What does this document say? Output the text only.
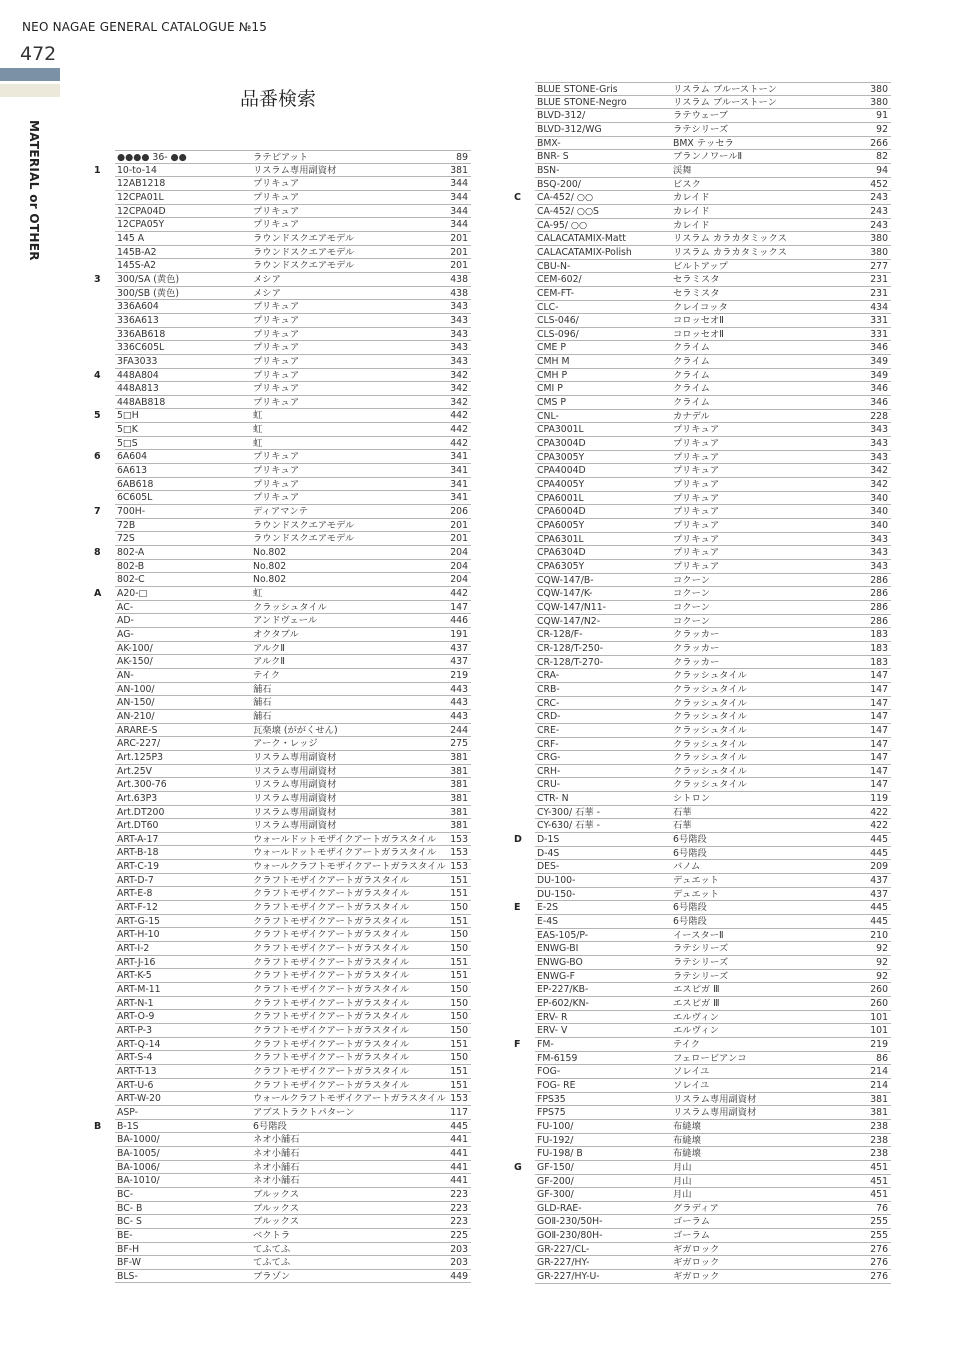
NEO NAGAE GENERAL CATALOGUE №15
472
MATERIAL or OTHER
品番検索
●●●● 36- ●●	ラテピアット	89
1 10-to-14	リスラム専用副資材	381
12AB1218	プリキュア	344
12CPA01L	プリキュア	344
12CPA04D	プリキュア	344
12CPA05Y	プリキュア	344
145 A	ラウンドスクエアモデル	201
145B-A2	ラウンドスクエアモデル	201
145S-A2	ラウンドスクエアモデル	201
3 300/SA (黄色)	メシア	438
300/SB (黄色)	メシア	438
336A604	プリキュア	343
336A613	プリキュア	343
336AB618	プリキュア	343
336C605L	プリキュア	343
3FA3033	プリキュア	343
4 448A804	プリキュア	342
448A813	プリキュア	342
448AB818	プリキュア	342
5 5□H	虹	442
5□K	虹	442
5□S	虹	442
6 6A604	プリキュア	341
6A613	プリキュア	341
6AB618	プリキュア	341
6C605L	プリキュア	341
7 700H-	ディアマンテ	206
72B	ラウンドスクエアモデル	201
72S	ラウンドスクエアモデル	201
8 802-A	No.802	204
802-B	No.802	204
802-C	No.802	204
A A20-□	虹	442
AC-	クラッシュタイル	147
AD-	アンドヴェール	446
AG-	オクタブル	191
AK-100/	アルクⅡ	437
AK-150/	アルクⅡ	437
AN-	テイク	219
AN-100/	舗石	443
AN-150/	舗石	443
AN-210/	舗石	443
ARARE-S	瓦楽壊 (ががくせん)	244
ARC-227/	アーク・レッジ	275
Art.125P3	リスラム専用副資材	381
Art.25V	リスラム専用副資材	381
Art.300-76	リスラム専用副資材	381
Art.63P3	リスラム専用副資材	381
Art.DT200	リスラム専用副資材	381
Art.DT60	リスラム専用副資材	381
ART-A-17	ウォールドットモザイクアートガラスタイル 153
ART-B-18	ウォールドットモザイクアートガラスタイル 153
ART-C-19	ウォールクラフトモザイクアートガラスタイル 153
ART-D-7	クラフトモザイクアートガラスタイル	151
ART-E-8	クラフトモザイクアートガラスタイル	151
ART-F-12	クラフトモザイクアートガラスタイル	150
ART-G-15	クラフトモザイクアートガラスタイル	151
ART-H-10	クラフトモザイクアートガラスタイル	150
ART-I-2	クラフトモザイクアートガラスタイル	150
ART-J-16	クラフトモザイクアートガラスタイル	151
ART-K-5	クラフトモザイクアートガラスタイル	151
ART-M-11	クラフトモザイクアートガラスタイル	150
ART-N-1	クラフトモザイクアートガラスタイル	150
ART-O-9	クラフトモザイクアートガラスタイル	150
ART-P-3	クラフトモザイクアートガラスタイル	150
ART-Q-14	クラフトモザイクアートガラスタイル	151
ART-S-4	クラフトモザイクアートガラスタイル	150
ART-T-13	クラフトモザイクアートガラスタイル	151
ART-U-6	クラフトモザイクアートガラスタイル	151
ART-W-20	ウォールクラフトモザイクアートガラスタイル 153
ASP-	アブストラクトパターン	117
B B-1S	6号階段	445
BA-1000/	ネオ小舗石	441
BA-1005/	ネオ小舗石	441
BA-1006/	ネオ小舗石	441
BA-1010/	ネオ小舗石	441
BC-	ブルックス	223
BC- B	ブルックス	223
BC- S	ブルックス	223
BE-	ベクトラ	225
BF-H	てふてふ	203
BF-W	てふてふ	203
BLS-	ブラゾン	449
BLUE STONE-Gris	リスラム ブルーストーン	380
BLUE STONE-Negro	リスラム ブルーストーン	380
BLVD-312/	ラテウェーブ	91
BLVD-312/WG	ラテシリーズ	92
BMX-	BMX テッセラ	266
BNR- S	ブランノワールⅡ	82
BSN-	渓舞	94
BSQ-200/	ビスク	452
C CA-452/ ○○	カレイド	243
CA-452/ ○○S	カレイド	243
CA-95/ ○○	カレイド	243
CALACATAMIX-Matt	リスラム カラカタミックス	380
CALACATAMIX-Polish	リスラム カラカタミックス	380
CBU-N-	ビルトアップ	277
CEM-602/	セラミスタ	231
CEM-FT-	セラミスタ	231
CLC-	クレイコッタ	434
CLS-046/	コロッセオⅡ	331
CLS-096/	コロッセオⅡ	331
CME P	クライム	346
CMH M	クライム	349
CMH P	クライム	349
CMI P	クライム	346
CMS P	クライム	346
CNL-	カナデル	228
CPA3001L	プリキュア	343
CPA3004D	プリキュア	343
CPA3005Y	プリキュア	343
CPA4004D	プリキュア	342
CPA4005Y	プリキュア	342
CPA6001L	プリキュア	340
CPA6004D	プリキュア	340
CPA6005Y	プリキュア	340
CPA6301L	プリキュア	343
CPA6304D	プリキュア	343
CPA6305Y	プリキュア	343
CQW-147/B-	コクーン	286
CQW-147/K-	コクーン	286
CQW-147/N11-	コクーン	286
CQW-147/N2-	コクーン	286
CR-128/F-	クラッカー	183
CR-128/T-250-	クラッカー	183
CR-128/T-270-	クラッカー	183
CRA-	クラッシュタイル	147
CRB-	クラッシュタイル	147
CRC-	クラッシュタイル	147
CRD-	クラッシュタイル	147
CRE-	クラッシュタイル	147
CRF-	クラッシュタイル	147
CRG-	クラッシュタイル	147
CRH-	クラッシュタイル	147
CRU-	クラッシュタイル	147
CTR- N	シトロン	119
CY-300/ 石華 -	石華	422
CY-630/ 石華 -	石華	422
D D-1S	6号階段	445
D-4S	6号階段	445
DES-	バノム	209
DU-100-	デュエット	437
DU-150-	デュエット	437
E E-2S	6号階段	445
E-4S	6号階段	445
EAS-105/P-	イースターⅡ	210
ENWG-BI	ラテシリーズ	92
ENWG-BO	ラテシリーズ	92
ENWG-F	ラテシリーズ	92
EP-227/KB-	エスピガ Ⅲ	260
EP-602/KN-	エスピガ Ⅲ	260
ERV- R	エルヴィン	101
ERV- V	エルヴィン	101
F FM-	テイク	219
FM-6159	フェロービアンコ	86
FOG-	ソレイユ	214
FOG- RE	ソレイユ	214
FPS35	リスラム専用副資材	381
FPS75	リスラム専用副資材	381
FU-100/	布縫壊	238
FU-192/	布縫壊	238
FU-198/ B	布縫壊	238
G GF-150/	月山	451
GF-200/	月山	451
GF-300/	月山	451
GLD-RAE-	グラディア	76
GOⅡ-230/50H-	ゴーラム	255
GOⅡ-230/80H-	ゴーラム	255
GR-227/CL-	ギガロック	276
GR-227/HY-	ギガロック	276
GR-227/HY-U-	ギガロック	276
